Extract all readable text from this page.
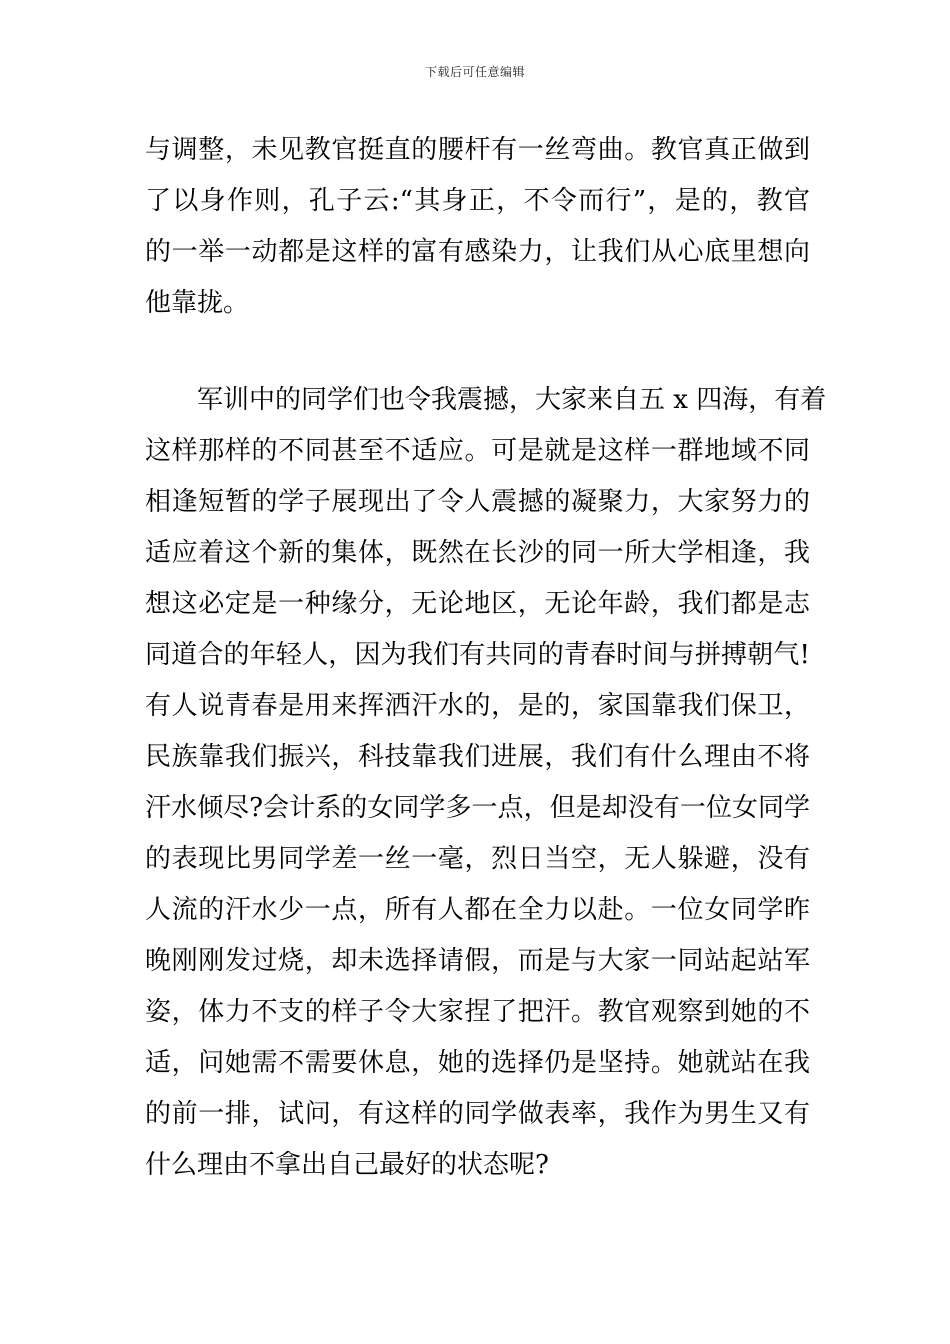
下载后可任意编辑
与调整，未见教官挺直的腰杆有一丝弯曲。教官真正做到
了以身作则，孔子云:“其身正，不令而行”，是的，教官
的一举一动都是这样的富有感染力，让我们从心底里想向
他靠拢。
军训中的同学们也令我震撼，大家来自五 x 四海，有着
这样那样的不同甚至不适应。可是就是这样一群地域不同
相逢短暂的学子展现出了令人震撼的凝聚力，大家努力的
适应着这个新的集体，既然在长沙的同一所大学相逢，我
想这必定是一种缘分，无论地区，无论年龄，我们都是志
同道合的年轻人，因为我们有共同的青春时间与拼搏朝气!
有人说青春是用来挥洒汗水的，是的，家国靠我们保卫，
民族靠我们振兴，科技靠我们进展，我们有什么理由不将
汗水倾尽?会计系的女同学多一点，但是却没有一位女同学
的表现比男同学差一丝一毫，烈日当空，无人躲避，没有
人流的汗水少一点，所有人都在全力以赴。一位女同学昨
晚刚刚发过烧，却未选择请假，而是与大家一同站起站军
姿，体力不支的样子令大家捏了把汗。教官观察到她的不
适，问她需不需要休息，她的选择仍是坚持。她就站在我
的前一排，试问，有这样的同学做表率，我作为男生又有
什么理由不拿出自己最好的状态呢?
